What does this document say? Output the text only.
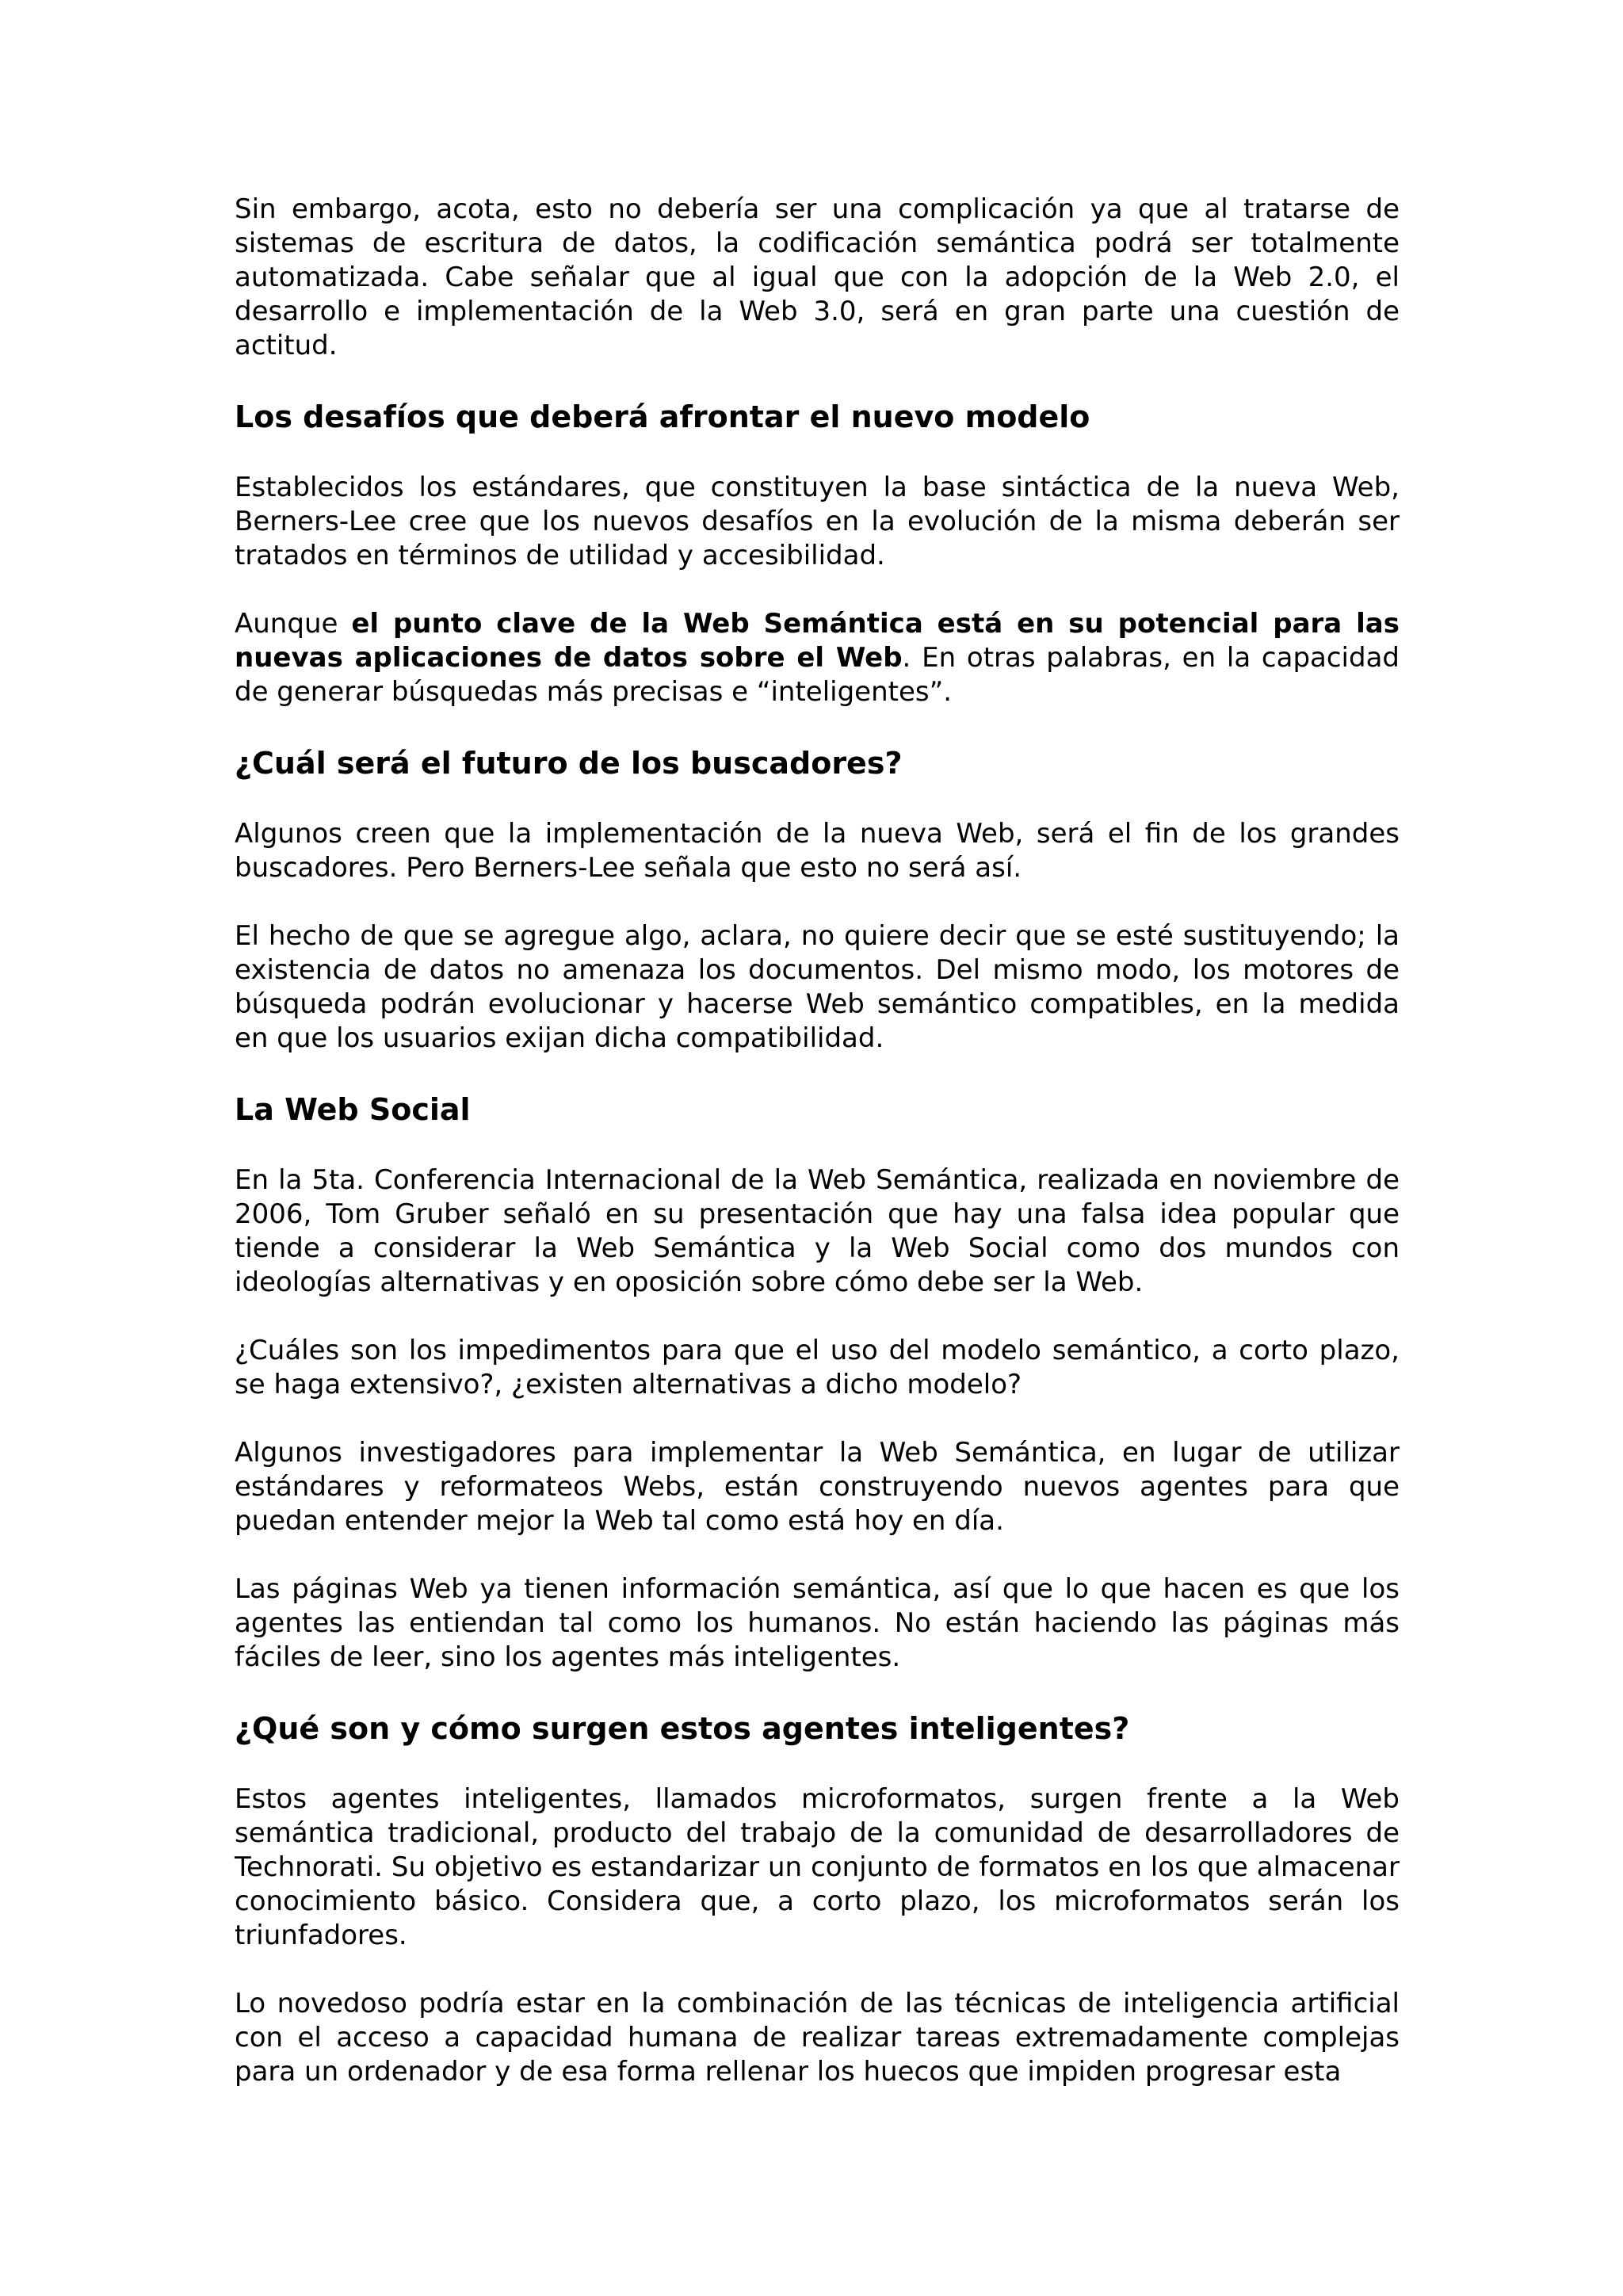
Sin embargo, acota, esto no debería ser una complicación ya que al tratarse de sistemas de escritura de datos, la codificación semántica podrá ser totalmente automatizada. Cabe señalar que al igual que con la adopción de la Web 2.0, el desarrollo e implementación de la Web 3.0, será en gran parte una cuestión de actitud.

Los desafíos que deberá afrontar el nuevo modelo

Establecidos los estándares, que constituyen la base sintáctica de la nueva Web, Berners-Lee cree que los nuevos desafíos en la evolución de la misma deberán ser tratados en términos de utilidad y accesibilidad.

Aunque el punto clave de la Web Semántica está en su potencial para las nuevas aplicaciones de datos sobre el Web. En otras palabras, en la capacidad de generar búsquedas más precisas e “inteligentes”.

¿Cuál será el futuro de los buscadores?

Algunos creen que la implementación de la nueva Web, será el fin de los grandes buscadores. Pero Berners-Lee señala que esto no será así.

El hecho de que se agregue algo, aclara, no quiere decir que se esté sustituyendo; la existencia de datos no amenaza los documentos. Del mismo modo, los motores de búsqueda podrán evolucionar y hacerse Web semántico compatibles, en la medida en que los usuarios exijan dicha compatibilidad.

La Web Social

En la 5ta. Conferencia Internacional de la Web Semántica, realizada en noviembre de 2006, Tom Gruber señaló en su presentación que hay una falsa idea popular que tiende a considerar la Web Semántica y la Web Social como dos mundos con ideologías alternativas y en oposición sobre cómo debe ser la Web.

¿Cuáles son los impedimentos para que el uso del modelo semántico, a corto plazo, se haga extensivo?, ¿existen alternativas a dicho modelo?

Algunos investigadores para implementar la Web Semántica, en lugar de utilizar estándares y reformateos Webs, están construyendo nuevos agentes para que puedan entender mejor la Web tal como está hoy en día.

Las páginas Web ya tienen información semántica, así que lo que hacen es que los agentes las entiendan tal como los humanos. No están haciendo las páginas más fáciles de leer, sino los agentes más inteligentes.

¿Qué son y cómo surgen estos agentes inteligentes?

Estos agentes inteligentes, llamados microformatos, surgen frente a la Web semántica tradicional, producto del trabajo de la comunidad de desarrolladores de Technorati. Su objetivo es estandarizar un conjunto de formatos en los que almacenar conocimiento básico. Considera que, a corto plazo, los microformatos serán los triunfadores.

Lo novedoso podría estar en la combinación de las técnicas de inteligencia artificial con el acceso a capacidad humana de realizar tareas extremadamente complejas para un ordenador y de esa forma rellenar los huecos que impiden progresar esta
